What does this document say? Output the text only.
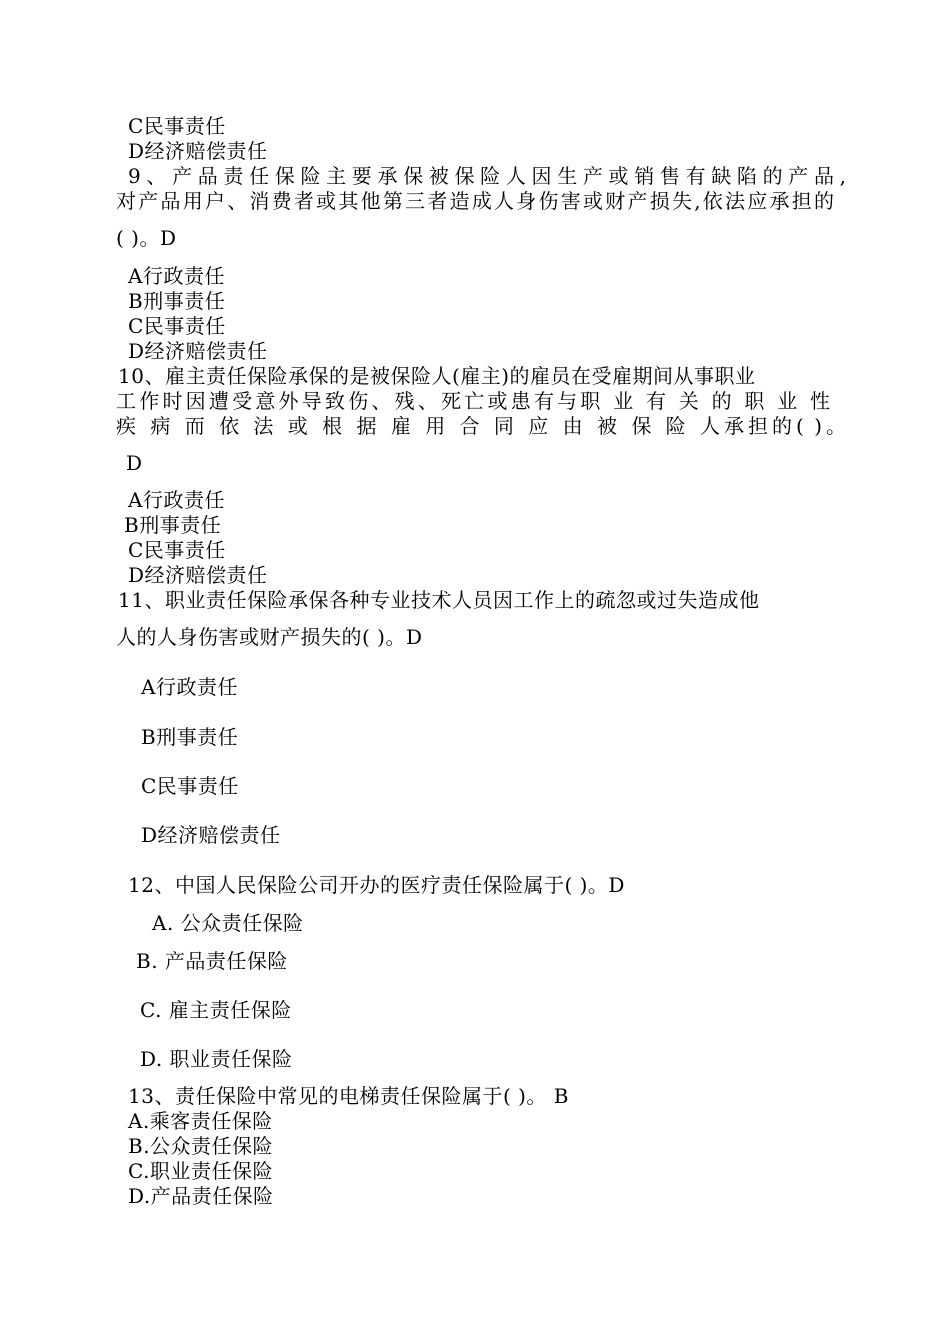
C民事责任
D经济赔偿责任
9、产品责任保险主要承保被保险人因生产或销售有缺陷的产品,
对产品用户、消费者或其他第三者造成人身伤害或财产损失,依法应承担的
( )。D
A行政责任
B刑事责任
C民事责任
D经济赔偿责任
10、雇主责任保险承保的是被保险人(雇主)的雇员在受雇期间从事职业
工作时因遭受意外导致伤、残、死亡或患有与职 业 有 关 的 职 业 性
疾 病 而 依 法 或 根 据 雇 用 合 同 应 由 被 保 险 人承担的( )。
D
A行政责任
B刑事责任
C民事责任
D经济赔偿责任
11、职业责任保险承保各种专业技术人员因工作上的疏忽或过失造成他
人的人身伤害或财产损失的( )。D
A行政责任
B刑事责任
C民事责任
D经济赔偿责任
12、中国人民保险公司开办的医疗责任保险属于( )。D
A. 公众责任保险
B. 产品责任保险
C. 雇主责任保险
D. 职业责任保险
13、责任保险中常见的电梯责任保险属于( )。 B
A.乘客责任保险
B.公众责任保险
C.职业责任保险
D.产品责任保险
